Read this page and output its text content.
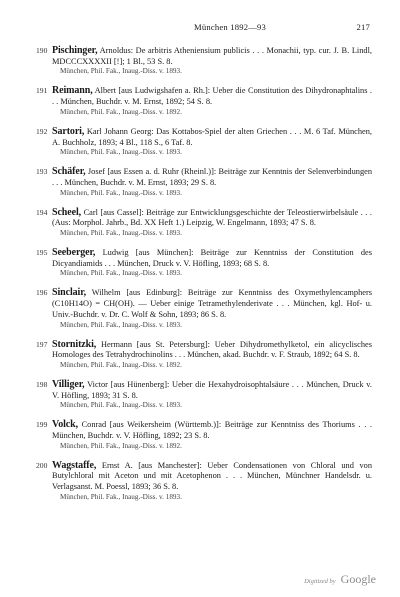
München 1892—93	217
190 Pischinger, Arnoldus: De arbitris Atheniensium publicis . . . Monachii, typ. cur. J. B. Lindl, MDCCCXXXXII [!]; 1 Bl., 53 S. 8.
München, Phil. Fak., Inaug.-Diss. v. 1893.
191 Reimann, Albert [aus Ludwigshafen a. Rh.]: Ueber die Constitution des Dihydronaphtalins . . . München, Buchdr. v. M. Ernst, 1892; 54 S. 8.
München, Phil. Fak., Inaug.-Diss. v. 1892.
192 Sartori, Karl Johann Georg: Das Kottabos-Spiel der alten Griechen . . . M. 6 Taf. München, A. Buchholz, 1893; 4 Bl., 118 S., 6 Taf. 8.
München, Phil. Fak., Inaug.-Diss. v. 1893.
193 Schäfer, Josef [aus Essen a. d. Ruhr (Rheinl.)]: Beiträge zur Kenntnis der Selenverbindungen . . . München, Buchdr. v. M. Ernst, 1893; 29 S. 8.
München, Phil. Fak., Inaug.-Diss. v. 1893.
194 Scheel, Carl [aus Cassel]: Beiträge zur Entwicklungsgeschichte der Teleostierwirbelsäule . . . (Aus: Morphol. Jahrb., Bd. XX Heft 1.) Leipzig, W. Engelmann, 1893; 47 S. 8.
München, Phil. Fak., Inaug.-Diss. v. 1893.
195 Seeberger, Ludwig [aus München]: Beiträge zur Kenntniss der Constitution des Dicyandiamids . . . München, Druck v. V. Höfling, 1893; 68 S. 8.
München, Phil. Fak., Inaug.-Diss. v. 1893.
196 Sinclair, Wilhelm [aus Edinburg]: Beiträge zur Kenntniss des Oxymethylencamphers (C10H14O) = CH(OH). — Ueber einige Tetramethylenderivate . . . München, kgl. Hof- u. Univ.-Buchdr. v. Dr. C. Wolf & Sohn, 1893; 86 S. 8.
München, Phil. Fak., Inaug.-Diss. v. 1893.
197 Stornitzki, Hermann [aus St. Petersburg]: Ueber Dihydromethylketol, ein alicyclisches Homologes des Tetrahydrochinolins . . . München, akad. Buchdr. v. F. Straub, 1892; 64 S. 8.
München, Phil. Fak., Inaug.-Diss. v. 1892.
198 Villiger, Victor [aus Hünenberg]: Ueber die Hexahydroisophtalsäure . . . München, Druck v. V. Höfling, 1893; 31 S. 8.
München, Phil. Fak., Inaug.-Diss. v. 1893.
199 Volck, Conrad [aus Weikersheim (Württemb.)]: Beiträge zur Kenntniss des Thoriums . . . München, Buchdr. v. V. Höfling, 1892; 23 S. 8.
München, Phil. Fak., Inaug.-Diss. v. 1892.
200 Wagstaffe, Ernst A. [aus Manchester]: Ueber Condensationen von Chloral und von Butylchloral mit Aceton und mit Acetophenon . . . München, Münchner Handelsdr. u. Verlagsanst. M. Poessl, 1893; 36 S. 8.
München, Phil. Fak., Inaug.-Diss. v. 1893.
Digitized by Google
